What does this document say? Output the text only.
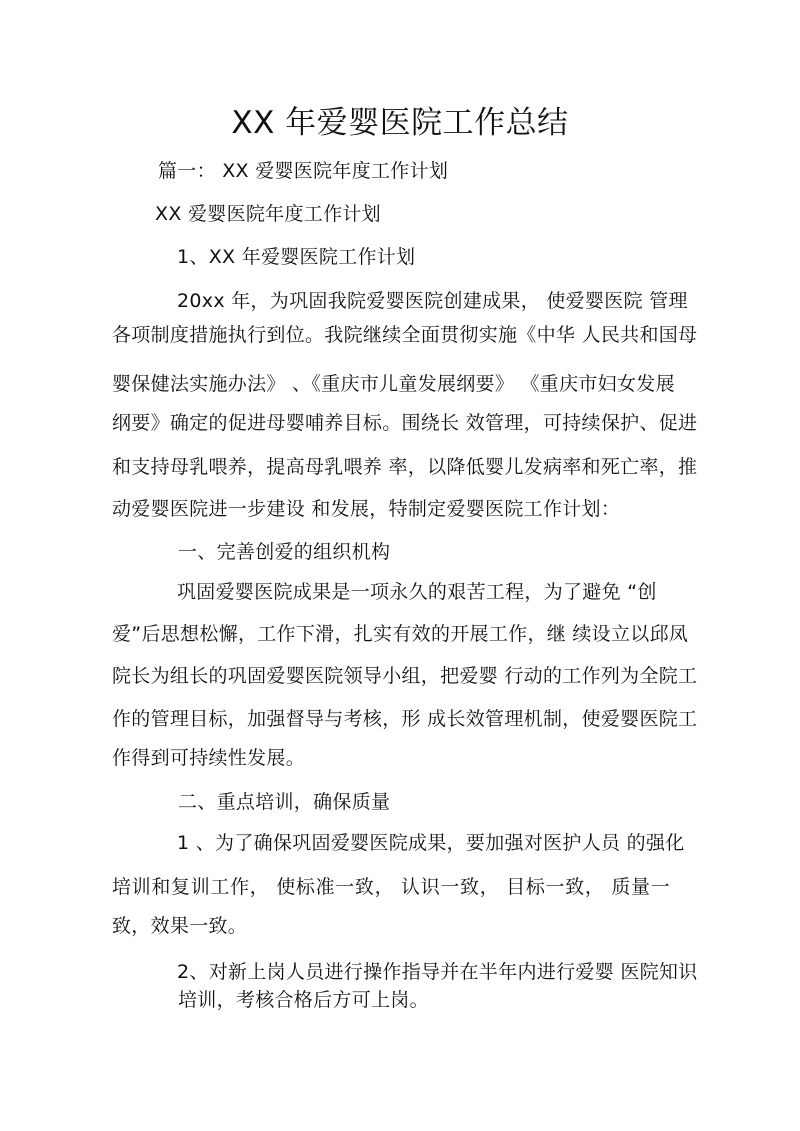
XX 年爱婴医院工作总结
篇一： XX 爱婴医院年度工作计划
XX 爱婴医院年度工作计划
1、XX 年爱婴医院工作计划
20xx 年，为巩固我院爱婴医院创建成果， 使爱婴医院 管理
各项制度措施执行到位。我院继续全面贯彻实施《中华 人民共和国母
婴保健法实施办法》 、《重庆市儿童发展纲要》 《重庆市妇女发展
纲要》确定的促进母婴哺养目标。围绕长 效管理，可持续保护、促进
和支持母乳喂养，提高母乳喂养 率，以降低婴儿发病率和死亡率，推
动爱婴医院进一步建设 和发展，特制定爱婴医院工作计划：
一、完善创爱的组织机构
巩固爱婴医院成果是一项永久的艰苦工程，为了避免 “创
爱”后思想松懈，工作下滑，扎实有效的开展工作，继 续设立以邱凤
院长为组长的巩固爱婴医院领导小组，把爱婴 行动的工作列为全院工
作的管理目标，加强督导与考核，形 成长效管理机制，使爱婴医院工
作得到可持续性发展。
二、重点培训，确保质量
1 、为了确保巩固爱婴医院成果，要加强对医护人员 的强化
培训和复训工作， 使标准一致， 认识一致， 目标一致， 质量一
致，效果一致。
2、对新上岗人员进行操作指导并在半年内进行爱婴 医院知识
培训，考核合格后方可上岗。
